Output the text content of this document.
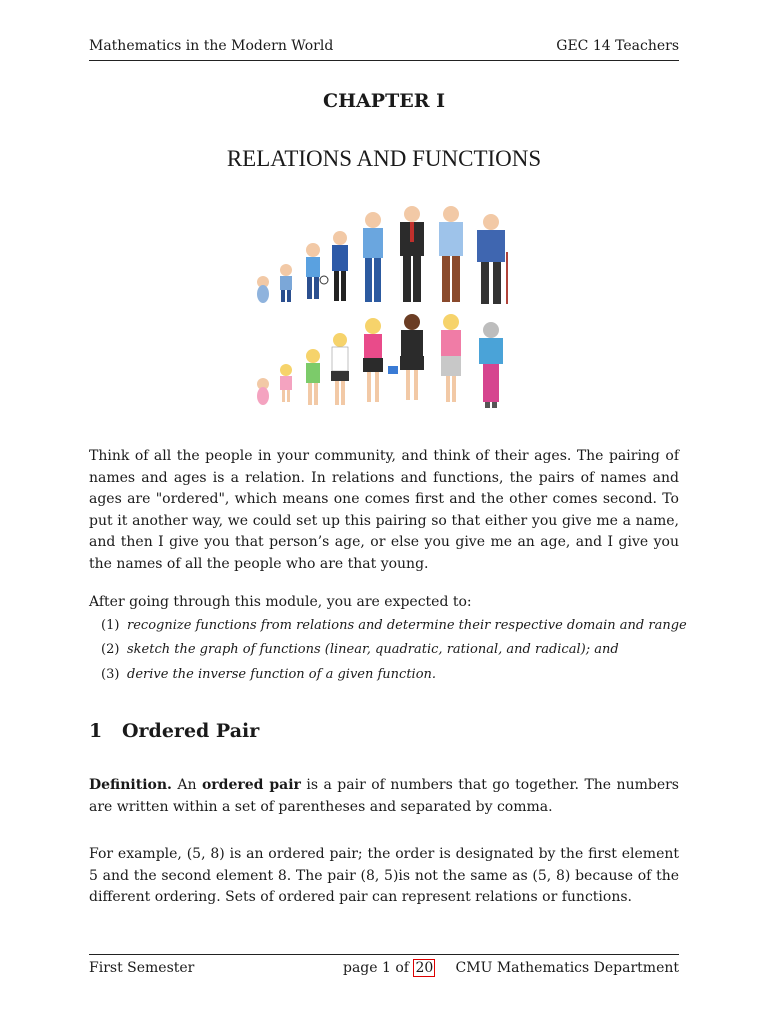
Mathematics in the Modern World	GEC 14 Teachers
CHAPTER I
RELATIONS AND FUNCTIONS
Think of all the people in your community, and think of their ages. The pairing of names and ages is a relation. In relations and functions, the pairs of names and ages are "ordered", which means one comes first and the other comes second. To put it another way, we could set up this pairing so that either you give me a name, and then I give you that person’s age, or else you give me an age, and I give you the names of all the people who are that young.
After going through this module, you are expected to:
(1) recognize functions from relations and determine their respective domain and range
(2) sketch the graph of functions (linear, quadratic, rational, and radical); and
(3) derive the inverse function of a given function.
1 Ordered Pair
Definition. An ordered pair is a pair of numbers that go together. The numbers are written within a set of parentheses and separated by comma.
For example, (5, 8) is an ordered pair; the order is designated by the first element 5 and the second element 8. The pair (8, 5)is not the same as (5, 8) because of the different ordering. Sets of ordered pair can represent relations or functions.
First Semester	page 1 of 20 CMU Mathematics Department
